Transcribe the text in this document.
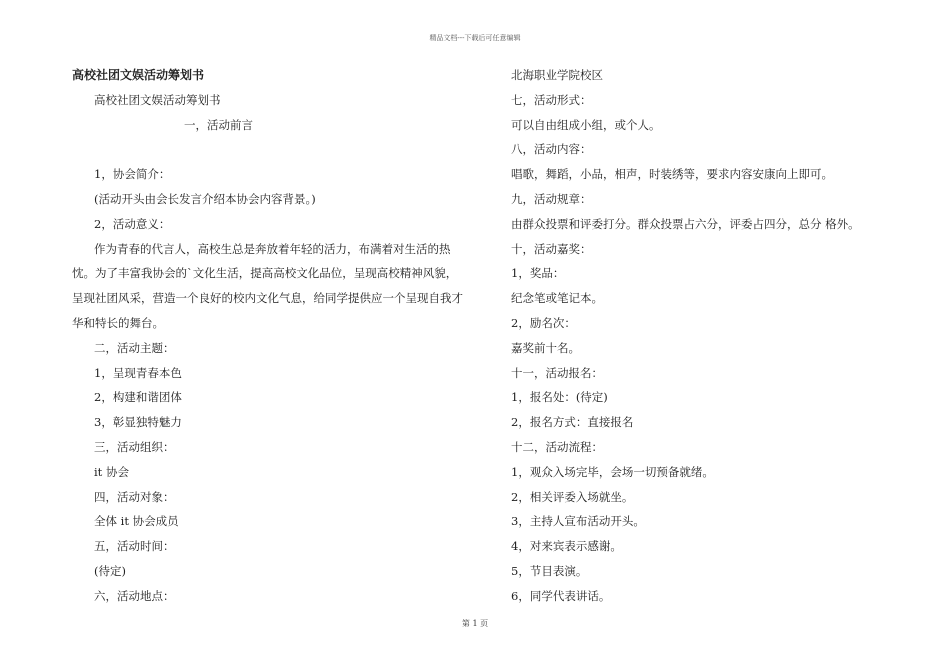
精品文档---下载后可任意编辑
高校社团文娱活动筹划书
高校社团文娱活动筹划书
一，活动前言
1，协会简介：
(活动开头由会长发言介绍本协会内容背景。)
2，活动意义：
作为青春的代言人，高校生总是奔放着年轻的活力，布满着对生活的热忱。为了丰富我协会的`文化生活，提高高校文化品位，呈现高校精神风貌，呈现社团风采，营造一个良好的校内文化气息，给同学提供应一个呈现自我才华和特长的舞台。
二，活动主题：
1，呈现青春本色
2，构建和谐团体
3，彰显独特魅力
三，活动组织：
it 协会
四，活动对象：
全体 it 协会成员
五，活动时间：
(待定)
六，活动地点：
北海职业学院校区
七，活动形式：
可以自由组成小组，或个人。
八，活动内容：
唱歌，舞蹈，小品，相声，时装绣等，要求内容安康向上即可。
九，活动规章：
由群众投票和评委打分。群众投票占六分，评委占四分，总分 格外。
十，活动嘉奖：
1，奖品：
纪念笔或笔记本。
2，励名次：
嘉奖前十名。
十一，活动报名：
1，报名处：(待定)
2，报名方式：直接报名
十二，活动流程：
1，观众入场完毕，会场一切预备就绪。
2，相关评委入场就坐。
3，主持人宣布活动开头。
4，对来宾表示感谢。
5，节目表演。
6，同学代表讲话。
第 1 页
